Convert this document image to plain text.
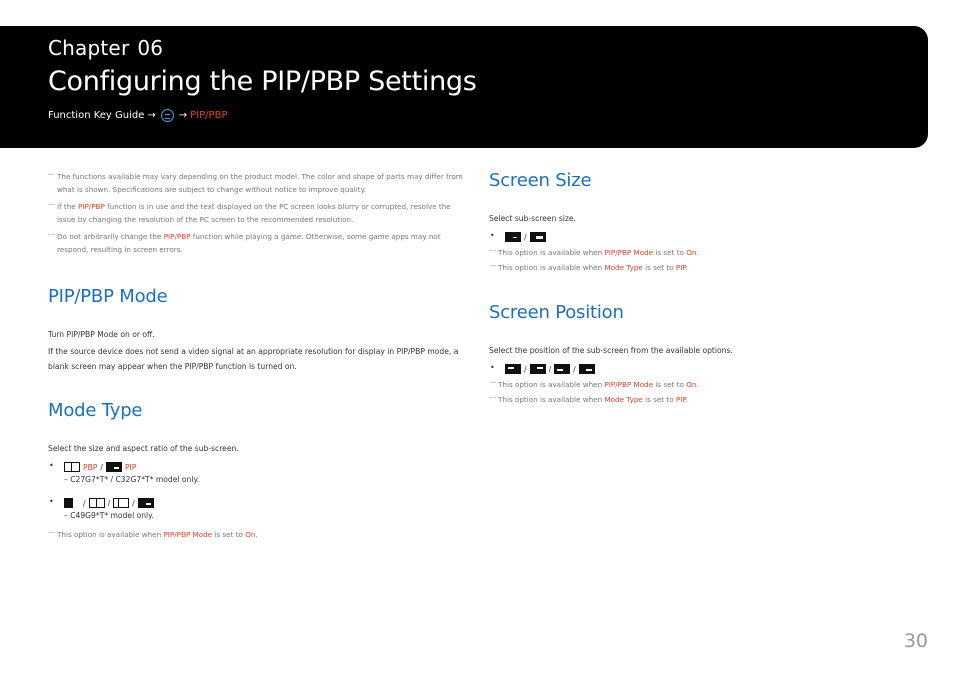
Chapter 06
Configuring the PIP/PBP Settings
Function Key Guide → → PIP/PBP
― The functions available may vary depending on the product model. The color and shape of parts may differ from what is shown. Specifications are subject to change without notice to improve quality.
― If the PIP/PBP function is in use and the text displayed on the PC screen looks blurry or corrupted, resolve the issue by changing the resolution of the PC screen to the recommended resolution.
― Do not arbitrarily change the PIP/PBP function while playing a game. Otherwise, some game apps may not respond, resulting in screen errors.
PIP/PBP Mode
Turn PIP/PBP Mode on or off.
If the source device does not send a video signal at an appropriate resolution for display in PIP/PBP mode, a blank screen may appear when the PIP/PBP function is turned on.
Mode Type
Select the size and aspect ratio of the sub-screen.
• PBP /	PIP
– C27G7*T* / C32G7*T* model only.
• /	/	/
– C49G9*T* model only.
― This option is available when PIP/PBP Mode is set to On.
Screen Size
Select sub-screen size.
• /
― This option is available when PIP/PBP Mode is set to On.
― This option is available when Mode Type is set to PIP.
Screen Position
Select the position of the sub-screen from the available options.
• /	/	/
― This option is available when PIP/PBP Mode is set to On.
― This option is available when Mode Type is set to PIP.
30
